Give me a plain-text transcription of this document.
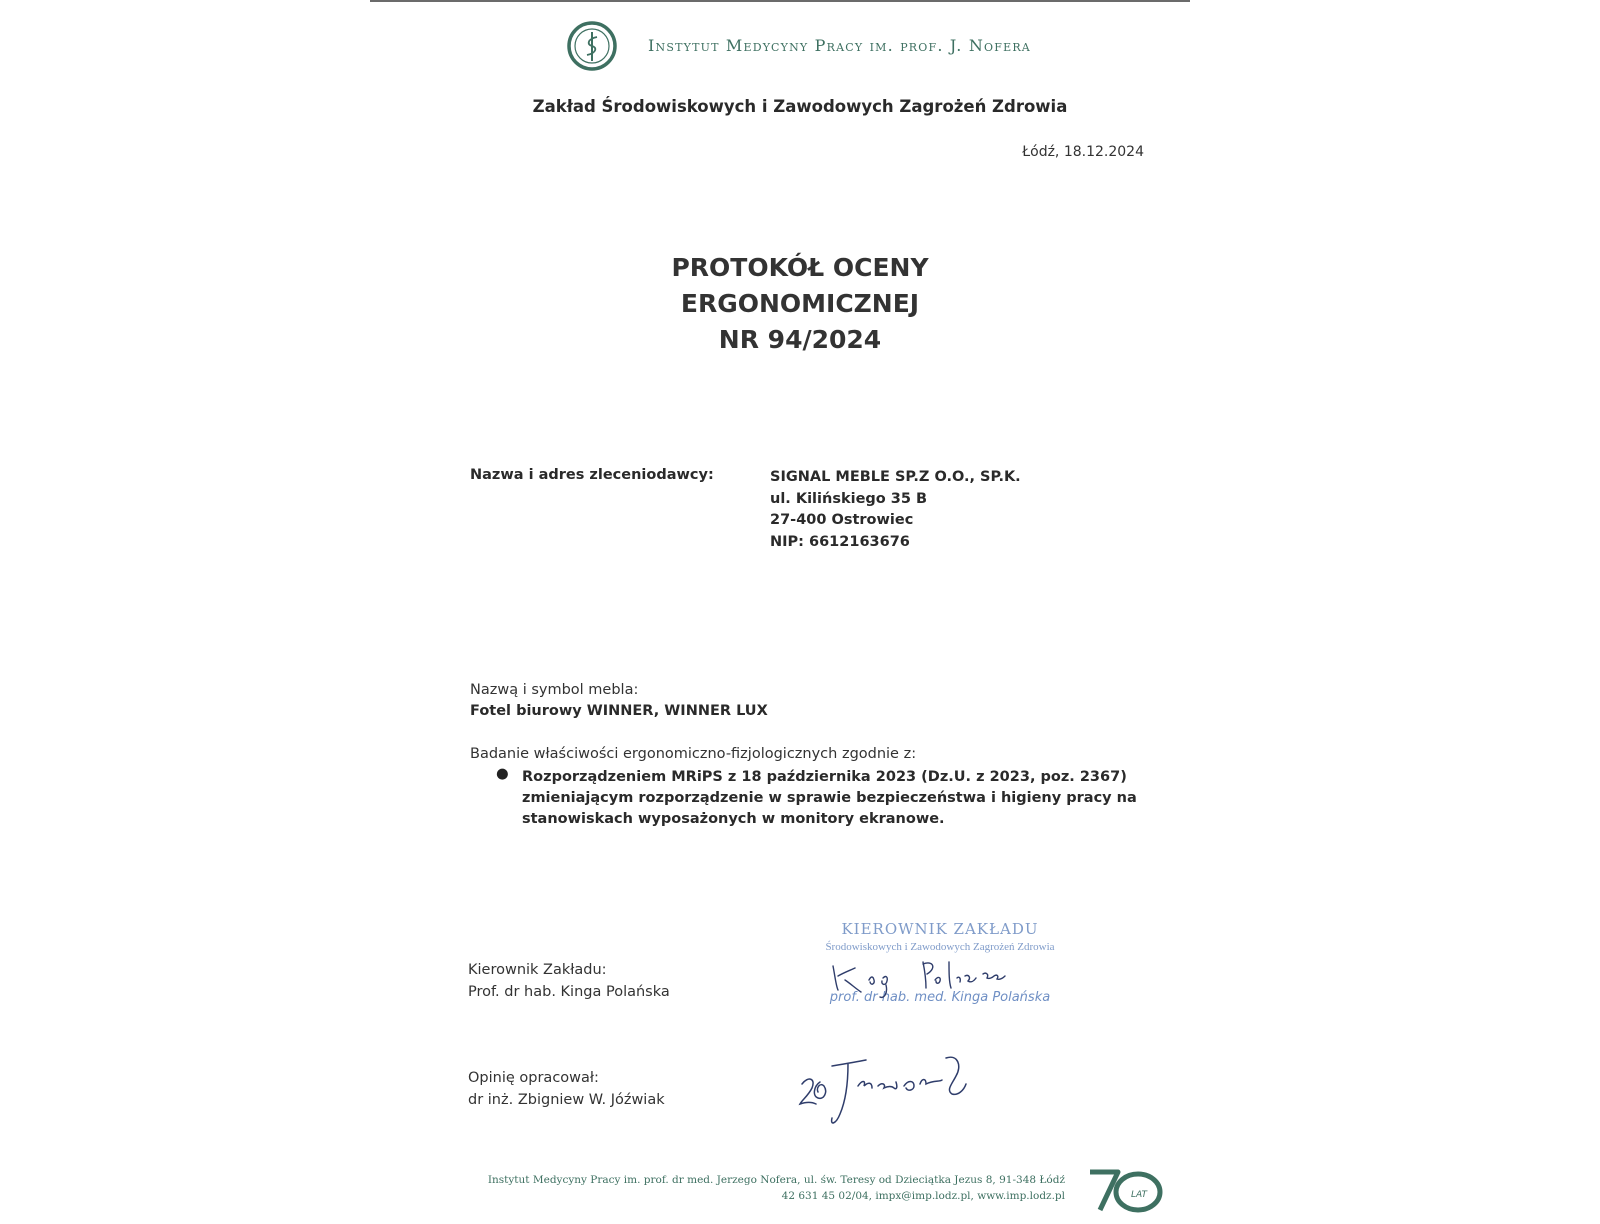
Instytut Medycyny Pracy im. prof. J. Nofera
Zakład Środowiskowych i Zawodowych Zagrożeń Zdrowia
Łódź, 18.12.2024
PROTOKÓŁ OCENY
ERGONOMICZNEJ
NR 94/2024
Nazwa i adres zleceniodawcy:	SIGNAL MEBLE SP.Z O.O., SP.K.
ul. Kilińskiego 35 B
27-400 Ostrowiec
NIP: 6612163676
Nazwą i symbol mebla:
Fotel biurowy WINNER, WINNER LUX
Badanie właściwości ergonomiczno-fizjologicznych zgodnie z:
● Rozporządzeniem MRiPS z 18 października 2023 (Dz.U. z 2023, poz. 2367) zmieniającym rozporządzenie w sprawie bezpieczeństwa i higieny pracy na stanowiskach wyposażonych w monitory ekranowe.
Kierownik Zakładu:
Prof. dr hab. Kinga Polańska
KIEROWNIK ZAKŁADU
Środowiskowych i Zawodowych Zagrożeń Zdrowia
prof. dr hab. med. Kinga Polańska
Opinię opracował:
dr inż. Zbigniew W. Jóźwiak
Instytut Medycyny Pracy im. prof. dr med. Jerzego Nofera, ul. św. Teresy od Dzieciątka Jezus 8, 91-348 Łódź
42 631 45 02/04, impx@imp.lodz.pl, www.imp.lodz.pl	LAT
